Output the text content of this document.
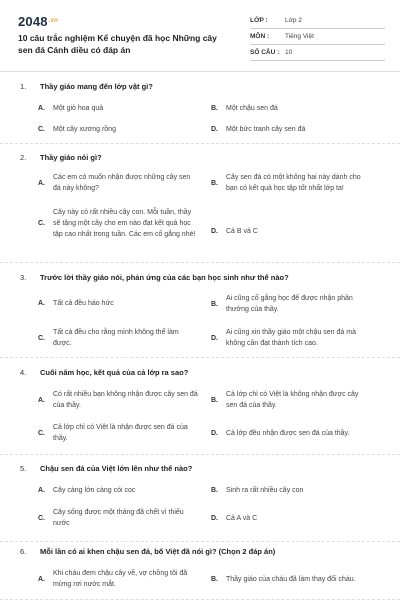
$2048^{.vn}$
10 câu trắc nghiệm Kể chuyện đã học Những cây sen đá Cánh diều có đáp án
LỚP :	Lớp 2
MÔN :	Tiếng Việt
SỐ CÂU : 10
1.	Thầy giáo mang đến lớp vật gì?
A.	Một giỏ hoa quả	B.	Một chậu sen đá
C.	Một cây xương rồng	D.	Một bức tranh cây sen đá
2.	Thầy giáo nói gì?
A.
Các em có muốn nhận được những cây sen đá này không?
B.
Cây sen đá có một không hai này dành cho bạn có kết quả học tập tốt nhất lớp ta!
C.
Cây này có rất nhiều cây con. Mỗi tuần, thầy sẽ tặng một cây cho em nào đạt kết quả học tập cao nhất trong tuần. Các em cố gắng nhé!	D.	Cả B và C
3.	Trước lời thầy giáo nói, phản ứng của các bạn học sinh như thế nào?
A.	Tất cả đều háo hức	B.
Ai cũng cố gắng học để được nhận phần thưởng của thầy.
C.
Tất cả đều cho rằng mình không thể làm được.
D.
Ai cũng xin thầy giáo một chậu sen đá mà không cần đạt thành tích cao.
4.	Cuối năm học, kết quả của cả lớp ra sao?
A.
Có rất nhiều bạn không nhận được cây sen đá của thầy.
B.
Cả lớp chỉ có Việt là không nhận được cây sen đá của thầy.
C.
Cả lớp chỉ có Việt là nhận được sen đá của thầy.
D.	Cả lớp đều nhận được sen đá của thầy.
5.	Chậu sen đá của Việt lớn lên như thế nào?
A.	Cây càng lớn càng còi cọc	B.	Sinh ra rất nhiều cây con
C.
Cây sống được một tháng đã chết vì thiếu nước
D.	Cả A và C
6.	Mỗi lần có ai khen chậu sen đá, bố Việt đã nói gì? (Chọn 2 đáp án)
A.
Khi cháu đem chậu cây về, vợ chồng tôi đã mừng rơi nước mắt.
B.	Thầy giáo của cháu đã làm thay đổi cháu.
